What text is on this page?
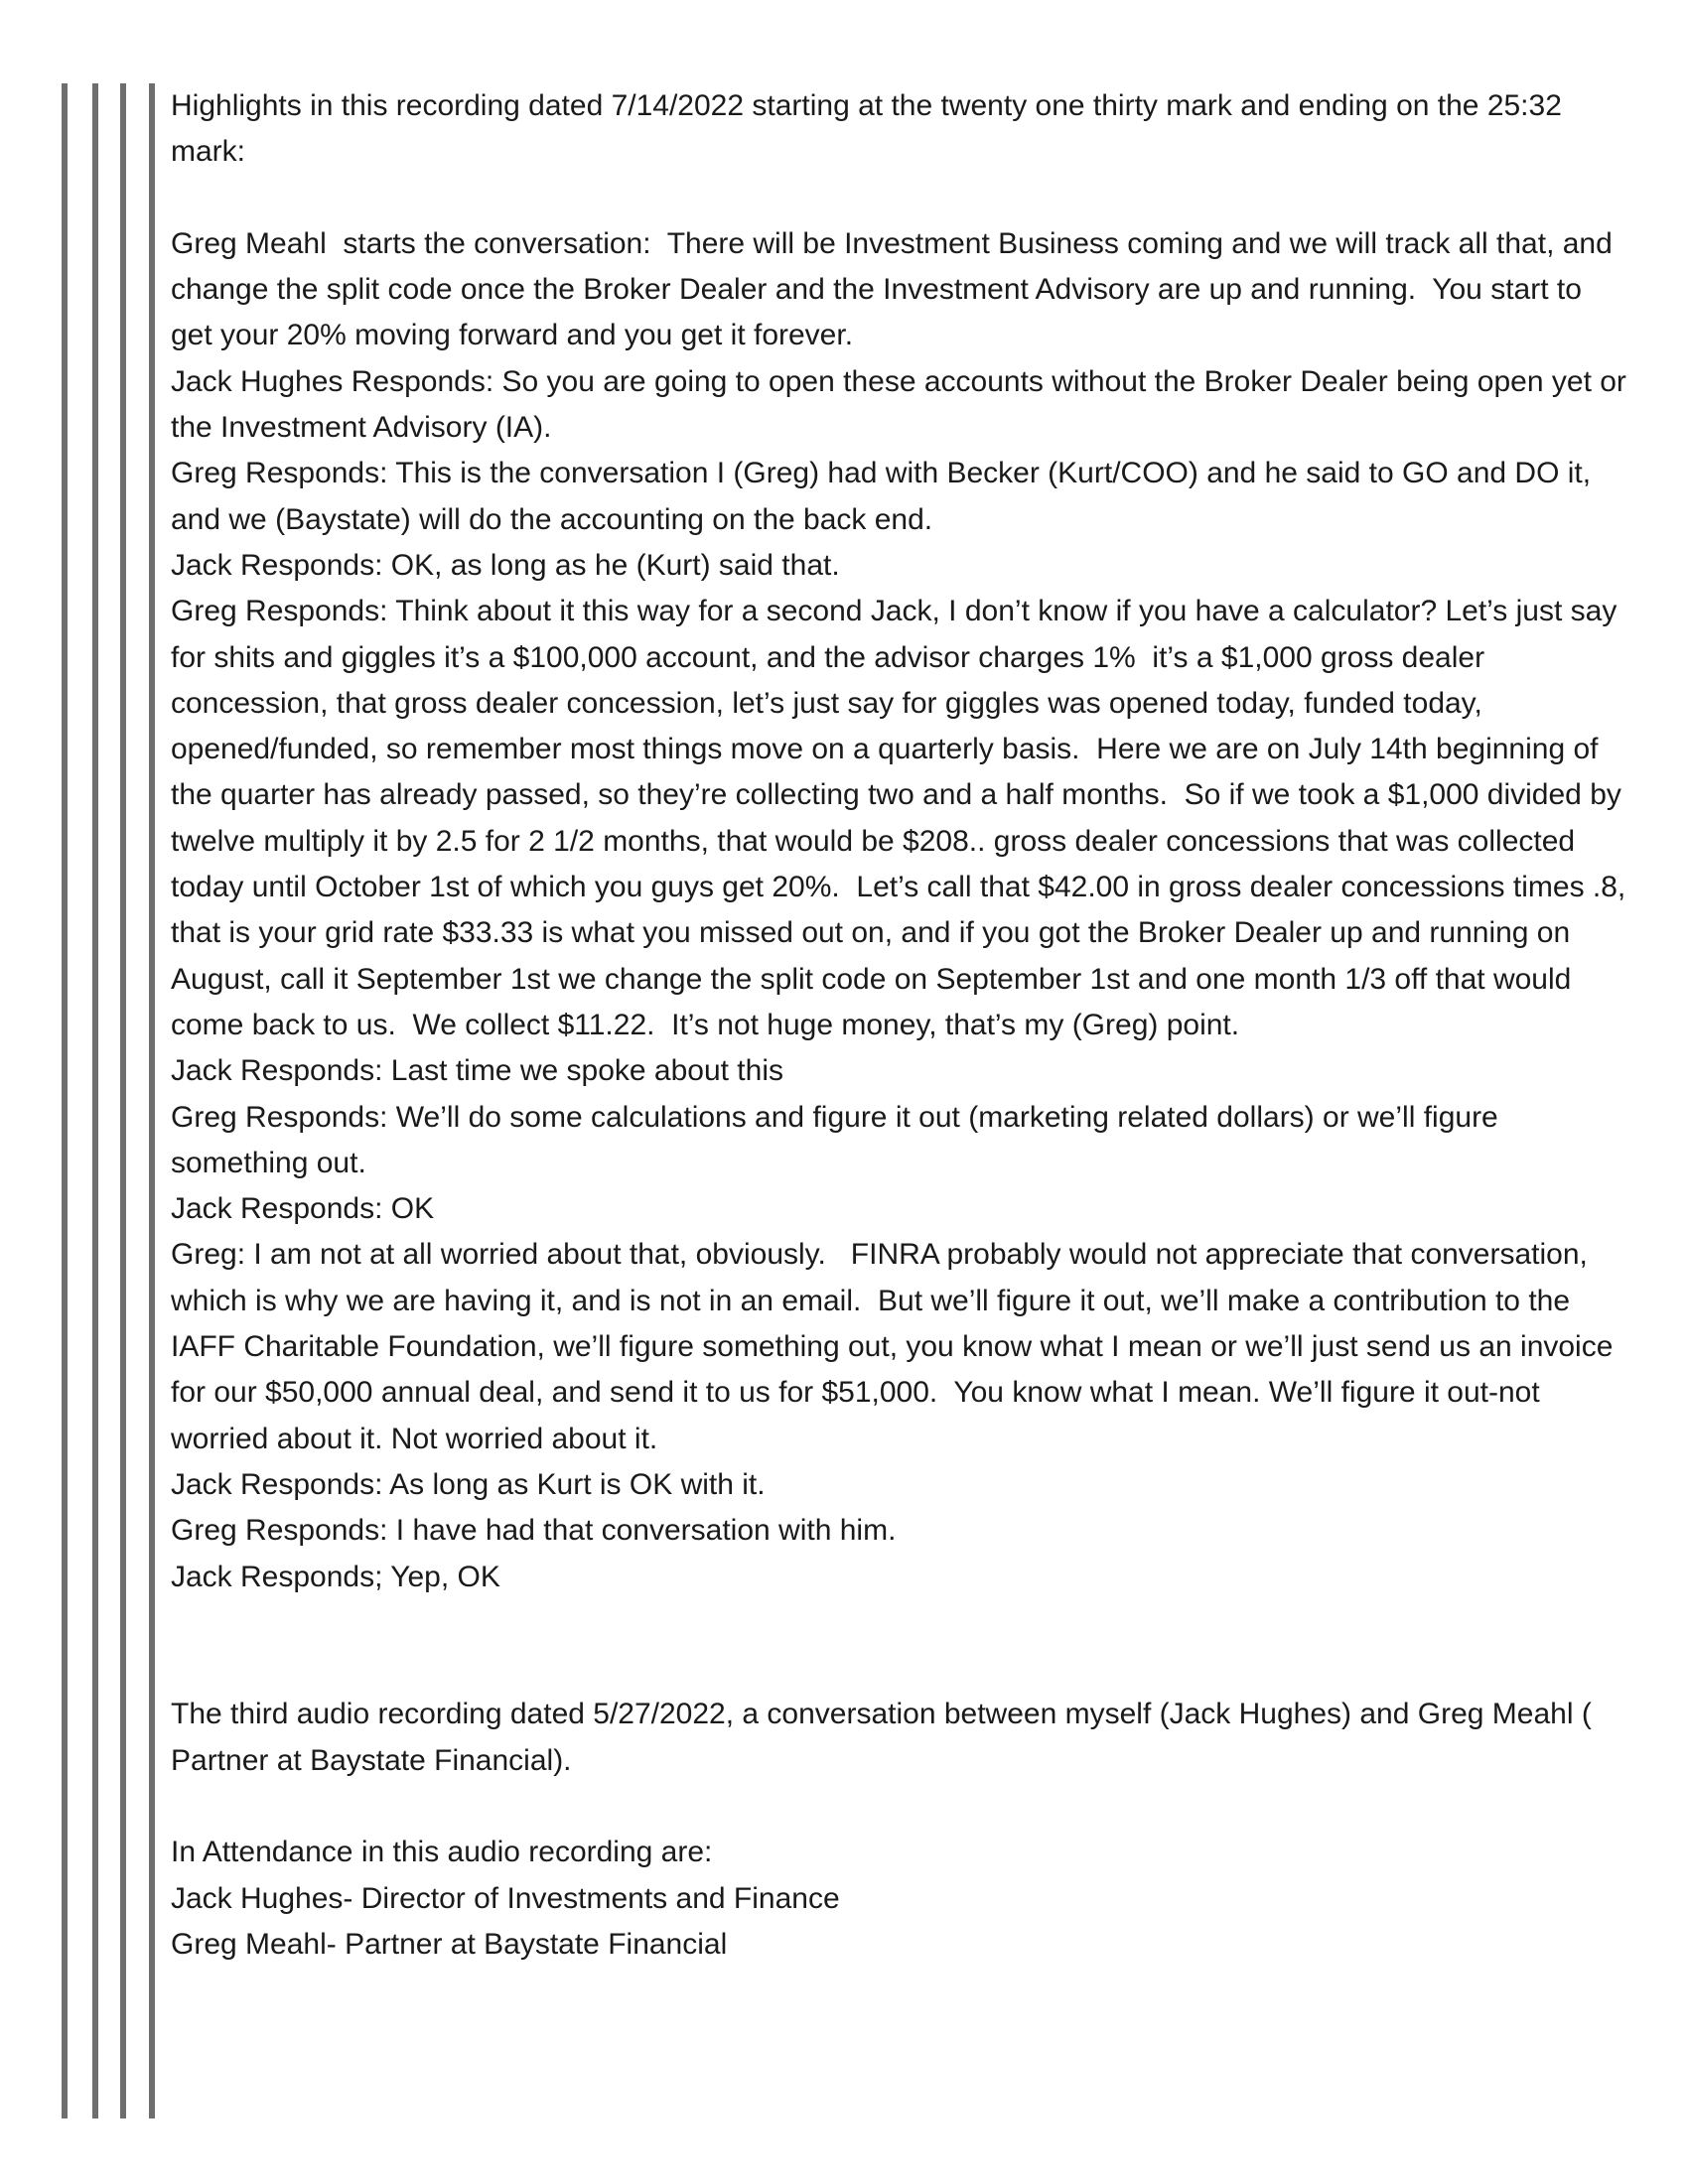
Highlights in this recording dated 7/14/2022 starting at the twenty one thirty mark and ending on the 25:32 mark:

Greg Meahl  starts the conversation:  There will be Investment Business coming and we will track all that, and change the split code once the Broker Dealer and the Investment Advisory are up and running.  You start to get your 20% moving forward and you get it forever.

Jack Hughes Responds: So you are going to open these accounts without the Broker Dealer being open yet or the Investment Advisory (IA).

Greg Responds: This is the conversation I (Greg) had with Becker (Kurt/COO) and he said to GO and DO it, and we (Baystate) will do the accounting on the back end.

Jack Responds: OK, as long as he (Kurt) said that.

Greg Responds: Think about it this way for a second Jack, I don’t know if you have a calculator? Let’s just say for shits and giggles it’s a $100,000 account, and the advisor charges 1%  it’s a $1,000 gross dealer concession, that gross dealer concession, let’s just say for giggles was opened today, funded today, opened/funded, so remember most things move on a quarterly basis.  Here we are on July 14th beginning of the quarter has already passed, so they’re collecting two and a half months.  So if we took a $1,000 divided by twelve multiply it by 2.5 for 2 1/2 months, that would be $208.. gross dealer concessions that was collected today until October 1st of which you guys get 20%.  Let’s call that $42.00 in gross dealer concessions times .8,  that is your grid rate $33.33 is what you missed out on, and if you got the Broker Dealer up and running on August, call it September 1st we change the split code on September 1st and one month 1/3 off that would come back to us.  We collect $11.22.  It’s not huge money, that’s my (Greg) point.

Jack Responds: Last time we spoke about this

Greg Responds: We’ll do some calculations and figure it out (marketing related dollars) or we’ll figure something out.

Jack Responds: OK

Greg: I am not at all worried about that, obviously.   FINRA probably would not appreciate that conversation, which is why we are having it, and is not in an email.  But we’ll figure it out, we’ll make a contribution to the IAFF Charitable Foundation, we’ll figure something out, you know what I mean or we’ll just send us an invoice for our $50,000 annual deal, and send it to us for $51,000.  You know what I mean. We’ll figure it out-not worried about it. Not worried about it.

Jack Responds: As long as Kurt is OK with it.

Greg Responds: I have had that conversation with him.

Jack Responds; Yep, OK

The third audio recording dated 5/27/2022, a conversation between myself (Jack Hughes) and Greg Meahl ( Partner at Baystate Financial).

In Attendance in this audio recording are:

Jack Hughes- Director of Investments and Finance

Greg Meahl- Partner at Baystate Financial
